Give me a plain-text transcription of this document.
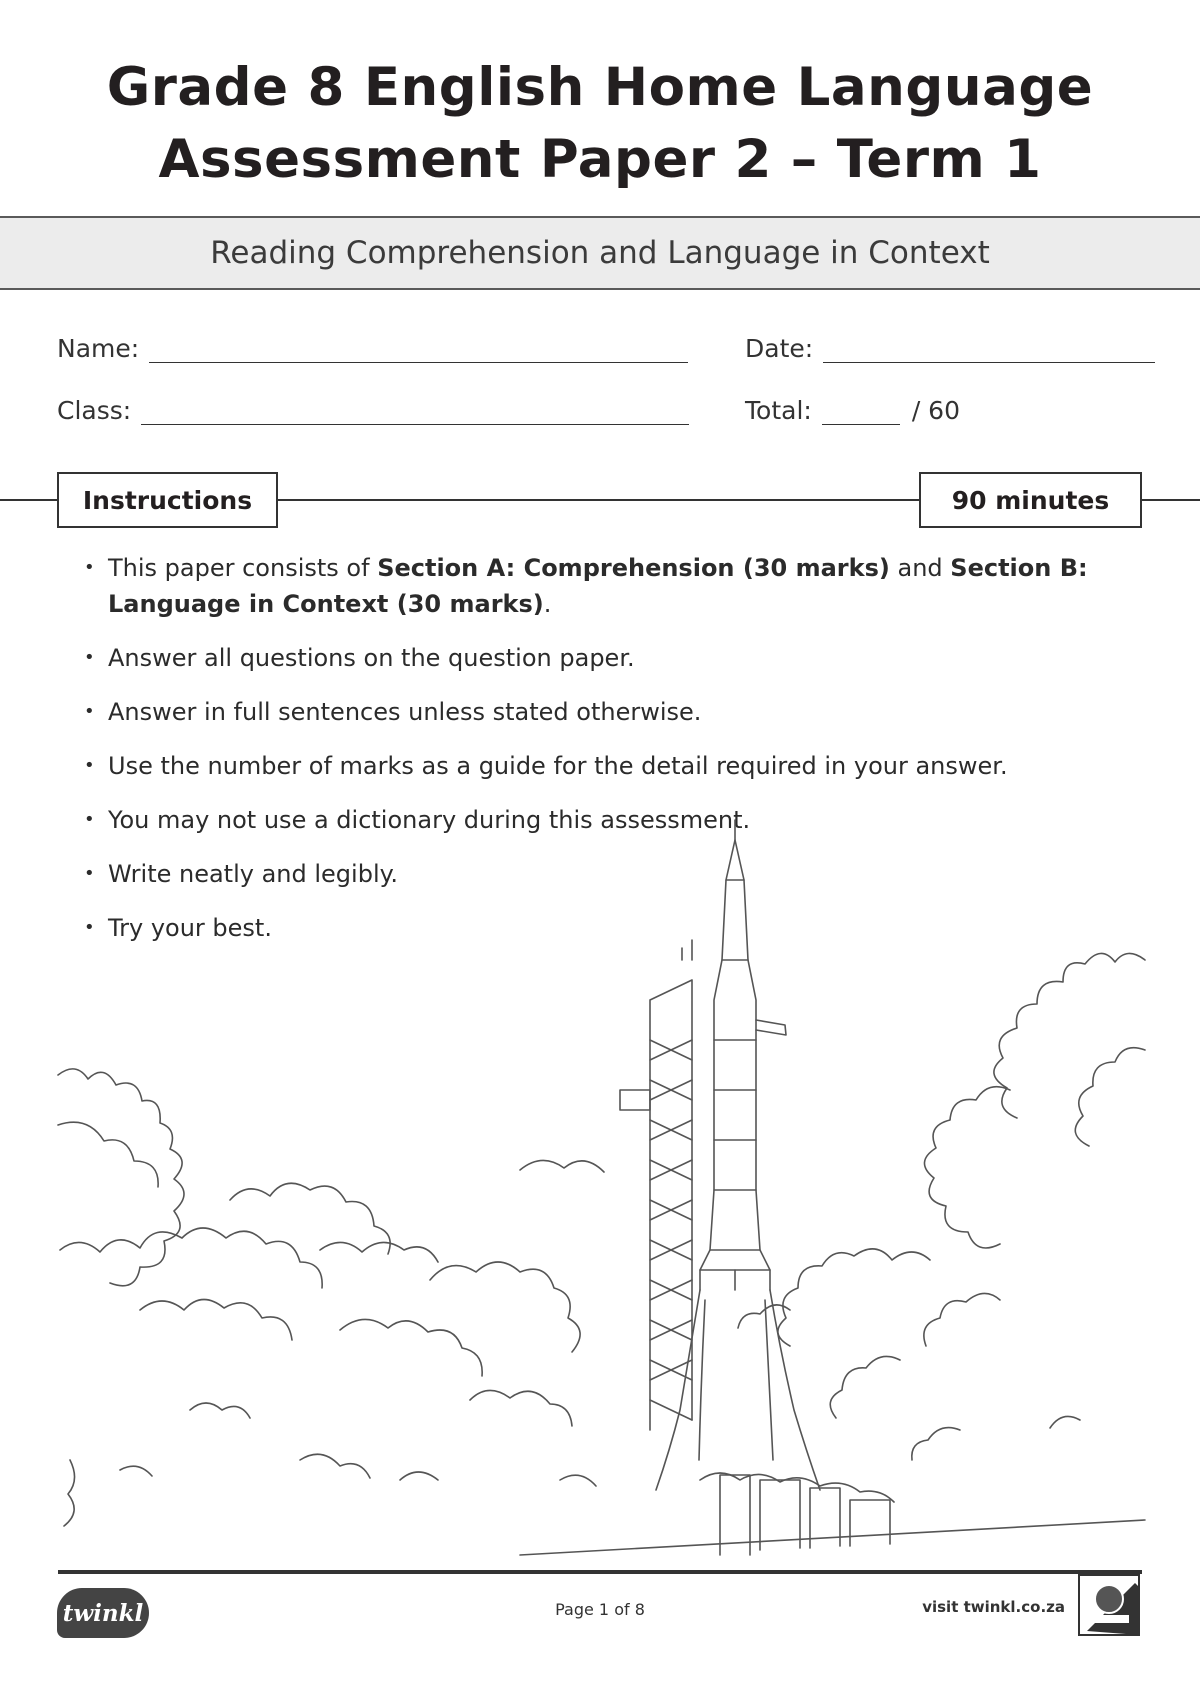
Grade 8 English Home Language
Assessment Paper 2 – Term 1
Reading Comprehension and Language in Context
Name:	Date:
Class:	Total:	/ 60
Instructions	90 minutes
• This paper consists of Section A: Comprehension (30 marks) and Section B: Language in Context (30 marks).
• Answer all questions on the question paper.
• Answer in full sentences unless stated otherwise.
• Use the number of marks as a guide for the detail required in your answer.
• You may not use a dictionary during this assessment.
• Write neatly and legibly.
• Try your best.
twinkl	Page 1 of 8	visit twinkl.co.za
